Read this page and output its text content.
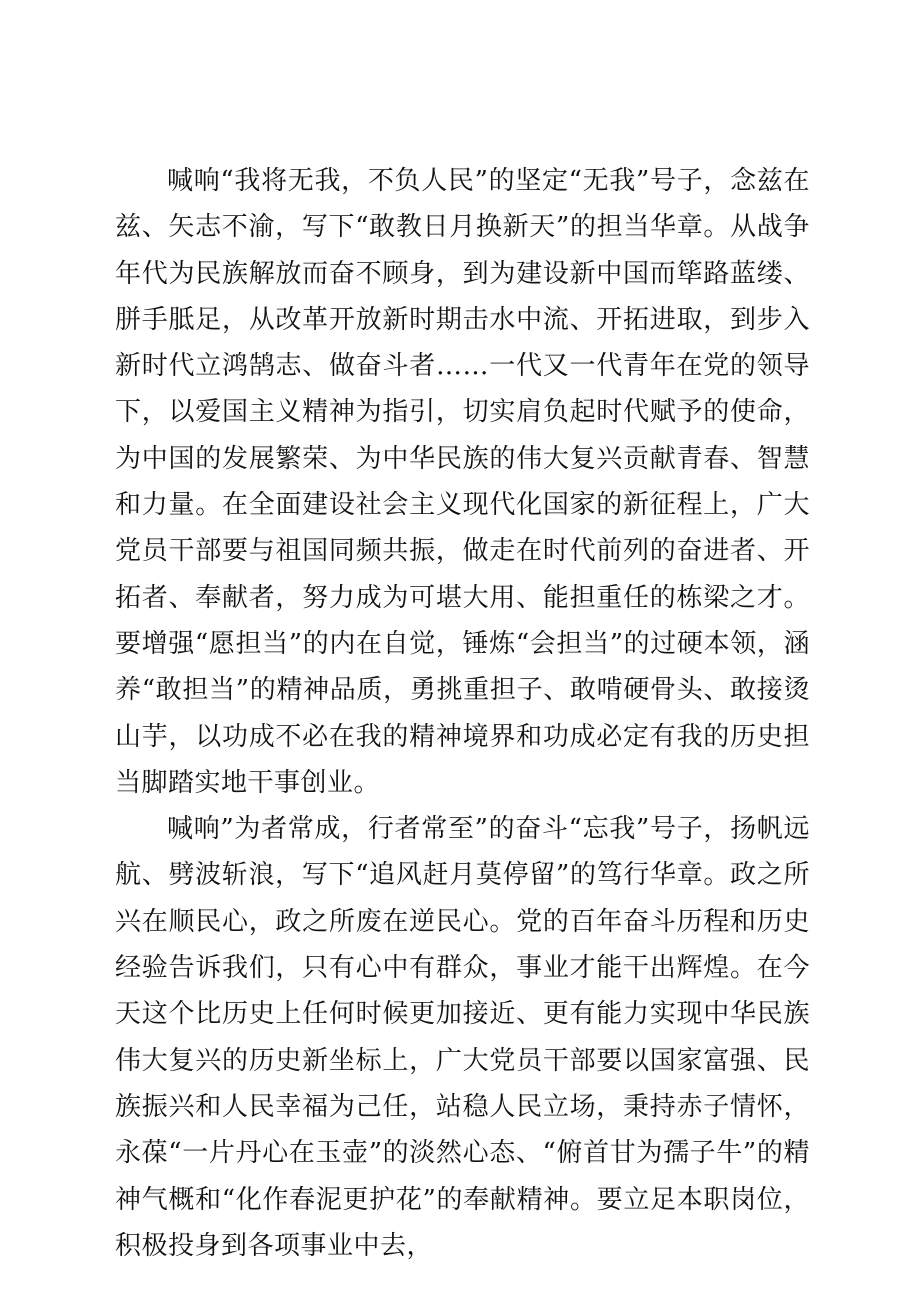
喊响“我将无我，不负人民”的坚定“无我”号子，念兹在兹、矢志不渝，写下“敢教日月换新天”的担当华章。从战争年代为民族解放而奋不顾身，到为建设新中国而筚路蓝缕、胼手胝足，从改革开放新时期击水中流、开拓进取，到步入新时代立鸿鹄志、做奋斗者……一代又一代青年在党的领导下，以爱国主义精神为指引，切实肩负起时代赋予的使命，为中国的发展繁荣、为中华民族的伟大复兴贡献青春、智慧和力量。在全面建设社会主义现代化国家的新征程上，广大党员干部要与祖国同频共振，做走在时代前列的奋进者、开拓者、奉献者，努力成为可堪大用、能担重任的栋梁之才。要增强“愿担当”的内在自觉，锤炼“会担当”的过硬本领，涵养“敢担当”的精神品质，勇挑重担子、敢啃硬骨头、敢接烫山芋，以功成不必在我的精神境界和功成必定有我的历史担当脚踏实地干事创业。

喊响”为者常成，行者常至”的奋斗“忘我”号子，扬帆远航、劈波斩浪，写下“追风赶月莫停留”的笃行华章。政之所兴在顺民心，政之所废在逆民心。党的百年奋斗历程和历史经验告诉我们，只有心中有群众，事业才能干出辉煌。在今天这个比历史上任何时候更加接近、更有能力实现中华民族伟大复兴的历史新坐标上，广大党员干部要以国家富强、民族振兴和人民幸福为己任，站稳人民立场，秉持赤子情怀，永葆“一片丹心在玉壶”的淡然心态、“俯首甘为孺子牛”的精神气概和“化作春泥更护花”的奉献精神。要立足本职岗位，积极投身到各项事业中去，
